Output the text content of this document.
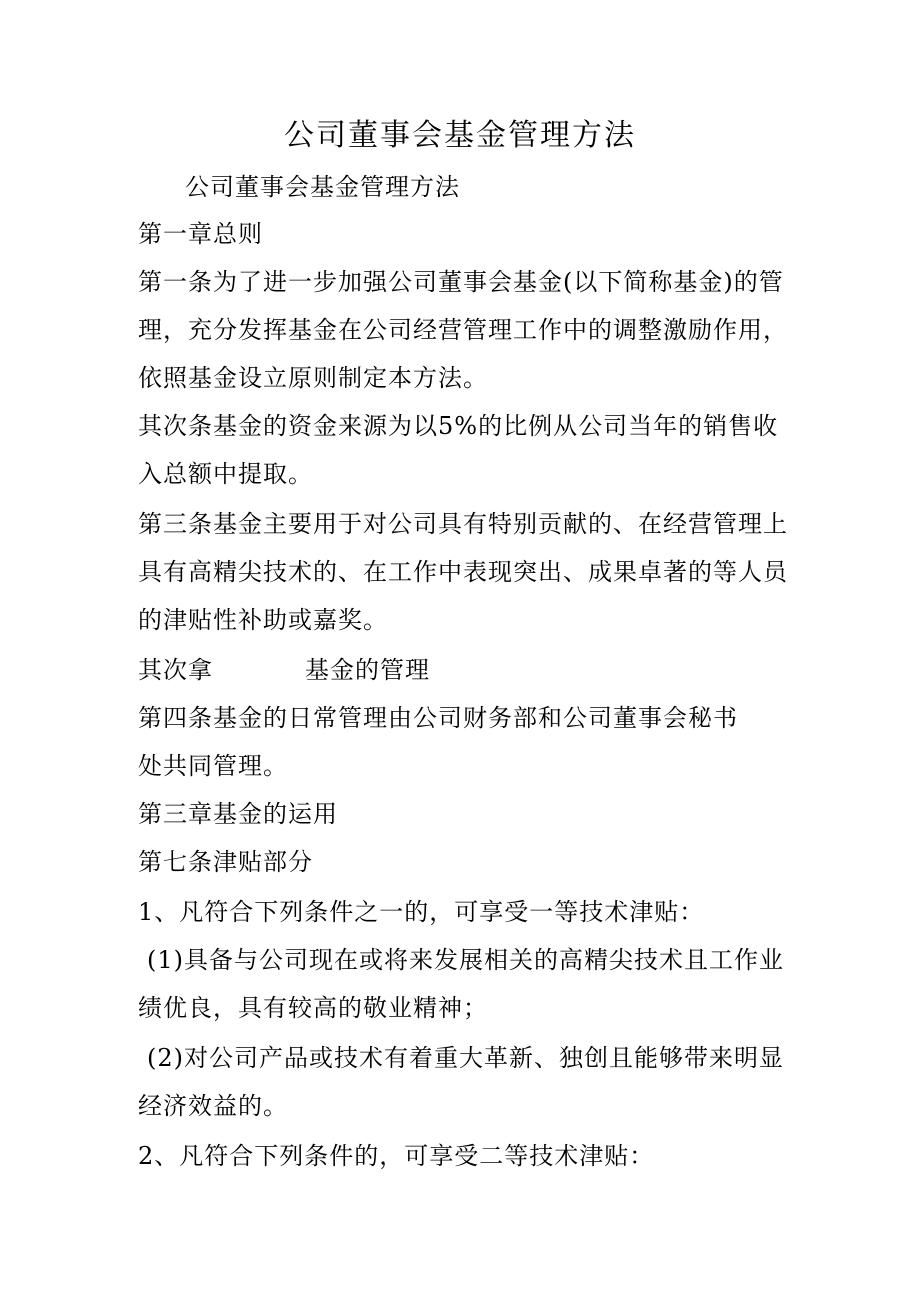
公司董事会基金管理方法
公司董事会基金管理方法
第一章总则
第一条为了进一步加强公司董事会基金(以下简称基金)的管
理，充分发挥基金在公司经营管理工作中的调整激励作用，
依照基金设立原则制定本方法。
其次条基金的资金来源为以5%的比例从公司当年的销售收
入总额中提取。
第三条基金主要用于对公司具有特别贡献的、在经营管理上
具有高精尖技术的、在工作中表现突出、成果卓著的等人员
的津贴性补助或嘉奖。
其次拿	基金的管理
第四条基金的日常管理由公司财务部和公司董事会秘书
处共同管理。
第三章基金的运用
第七条津贴部分
1、凡符合下列条件之一的，可享受一等技术津贴：
(1)具备与公司现在或将来发展相关的高精尖技术且工作业
绩优良，具有较高的敬业精神；
(2)对公司产品或技术有着重大革新、独创且能够带来明显
经济效益的。
2、凡符合下列条件的，可享受二等技术津贴：
